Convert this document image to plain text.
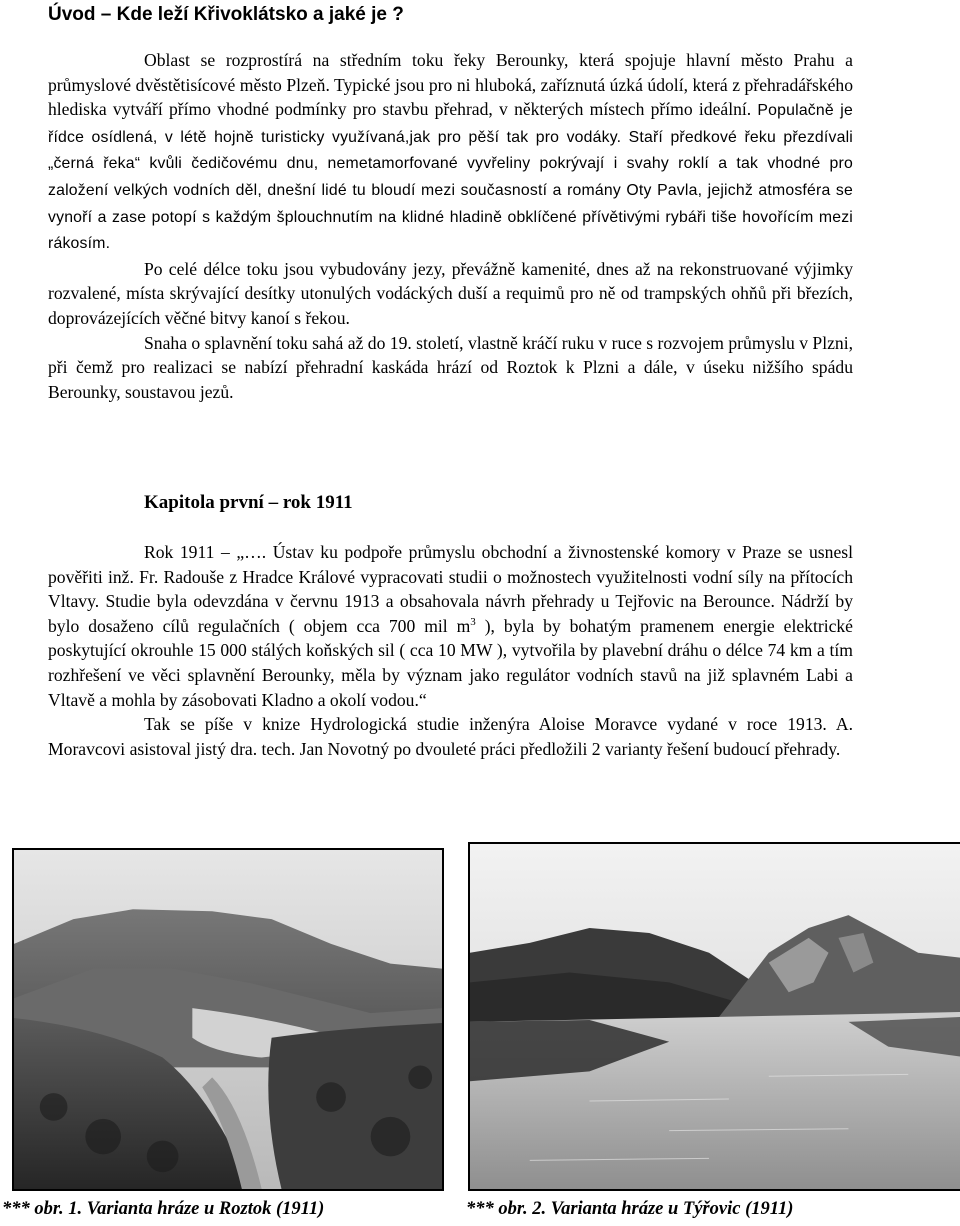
Úvod – Kde leží Křivoklátsko a jaké je ?

Oblast se rozprostírá na středním toku řeky Berounky, která spojuje hlavní město Prahu a průmyslové dvěstětisícové město Plzeň. Typické jsou pro ni hluboká, zaříznutá úzká údolí, která z přehradářského hlediska vytváří přímo vhodné podmínky pro stavbu přehrad, v některých místech přímo ideální. Populačně je řídce osídlená, v létě hojně turisticky využívaná,jak pro pěší tak pro vodáky. Staří předkové řeku přezdívali „černá řeka“ kvůli čedičovému dnu, nemetamorfované vyvřeliny pokrývají i svahy roklí a tak vhodné pro založení velkých vodních děl, dnešní lidé tu bloudí mezi současností a romány Oty Pavla, jejichž atmosféra se vynoří a zase potopí s každým šplouchnutím na klidné hladině obklíčené přívětivými rybáři tiše hovořícím mezi rákosím.

Po celé délce toku jsou vybudovány jezy, převážně kamenité, dnes až na rekonstruované výjimky rozvalené, místa skrývající desítky utonulých vodáckých duší a requimů pro ně od trampských ohňů při březích, doprovázejících věčné bitvy kanoí s řekou.

Snaha o splavnění toku sahá až do 19. století, vlastně kráčí ruku v ruce s rozvojem průmyslu v Plzni, při čemž pro realizaci se nabízí přehradní kaskáda hrází od Roztok k Plzni a dále, v úseku nižšího spádu Berounky, soustavou jezů.

Kapitola první – rok 1911

Rok 1911 – „…. Ústav ku podpoře průmyslu obchodní a živnostenské komory v Praze se usnesl pověřiti inž. Fr. Radouše z Hradce Králové vypracovati studii o možnostech využitelnosti vodní síly na přítocích Vltavy. Studie byla odevzdána v červnu 1913 a obsahovala návrh přehrady u Tejřovic na Berounce. Nádrží by bylo dosaženo cílů regulačních ( objem cca 700 mil $m^3$ ), byla by bohatým pramenem energie elektrické poskytující okrouhle 15 000 stálých koňských sil ( cca 10 MW ), vytvořila by plavební dráhu o délce 74 km a tím rozhřešení ve věci splavnění Berounky, měla by význam jako regulátor vodních stavů na již splavném Labi a Vltavě a mohla by zásobovati Kladno a okolí vodou.“

Tak se píše v knize Hydrologická studie inženýra Aloise Moravce vydané v roce 1913. A. Moravcovi asistoval jistý dra. tech. Jan Novotný po dvouleté práci předložili 2 varianty řešení budoucí přehrady.

*** obr. 1. Varianta hráze u Roztok (1911)	*** obr. 2. Varianta hráze u Týřovic (1911)
